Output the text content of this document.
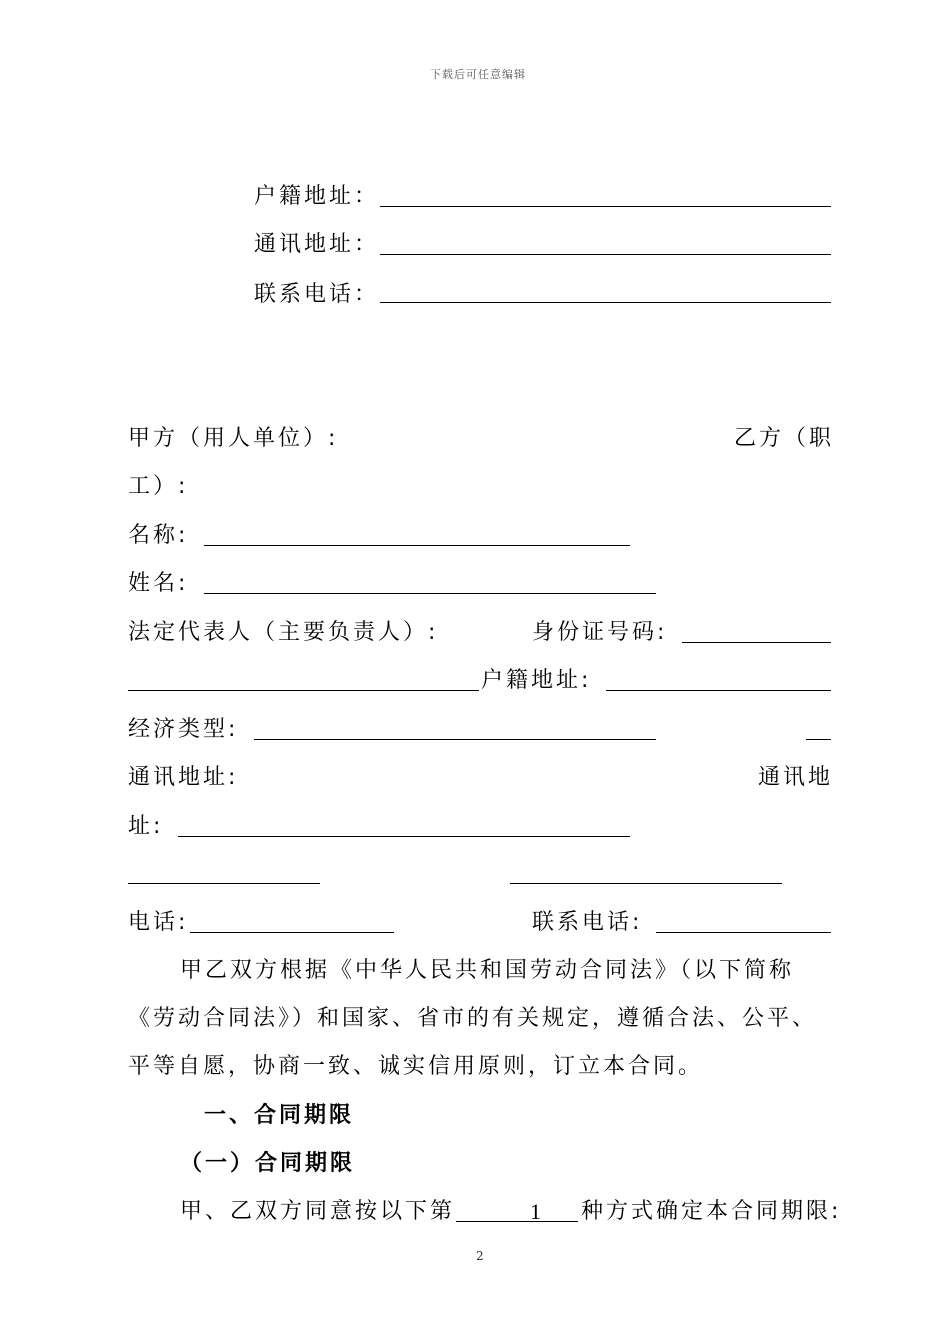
下载后可任意编辑
户籍地址：
通讯地址：
联系电话：
甲方（用人单位）:	乙方（职
工）:
名称:
姓名:
法定代表人（主要负责人）:	身份证号码:
户籍地址:
经济类型:
通讯地址:	通讯地
址:
电话:	联系电话:
甲乙双方根据《中华人民共和国劳动合同法》（以下简称
《劳动合同法》）和国家、省市的有关规定，遵循合法、公平、
平等自愿，协商一致、诚实信用原则，订立本合同。
一、合同期限
（一）合同期限
甲、乙双方同意按以下第	1 种方式确定本合同期限:
2
